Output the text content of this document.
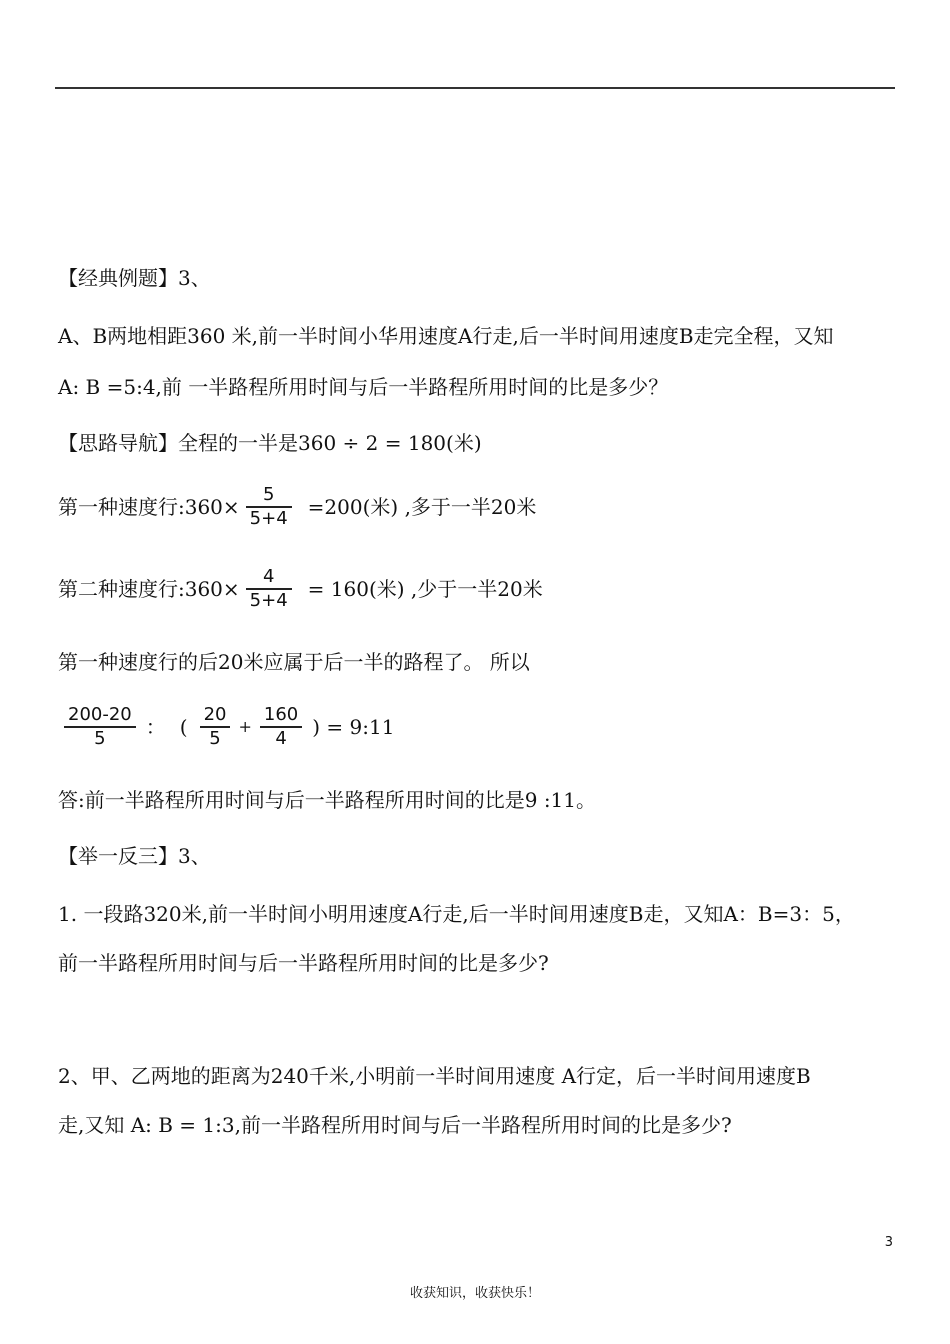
【经典例题】3、
A、B两地相距360 米,前一半时间小华用速度A行走,后一半时间用速度B走完全程，又知
A: B =5:4,前 一半路程所用时间与后一半路程所用时间的比是多少？
【思路导航】全程的一半是360 ÷ 2 = 180(米)
第一种速度行:360× $\frac{5}{5+4} =200$(米) ,多于一半20米
第二种速度行:360× $\frac{4}{5+4} = 160$(米) ,少于一半20米
第一种速度行的后20米应属于后一半的路程了。 所以
$\frac{200-20}{5}$ ： ( $\frac{20}{5} + \frac{160}{4}$ ) = 9:11
答:前一半路程所用时间与后一半路程所用时间的比是9 :11。
【举一反三】3、
1. 一段路320米,前一半时间小明用速度A行走,后一半时间用速度B走，又知A：B=3：5，
前一半路程所用时间与后一半路程所用时间的比是多少?
2、甲、乙两地的距离为240千米,小明前一半时间用速度 A行定，后一半时间用速度B
走,又知 A: B = 1:3,前一半路程所用时间与后一半路程所用时间的比是多少?
3
收获知识，收获快乐！
